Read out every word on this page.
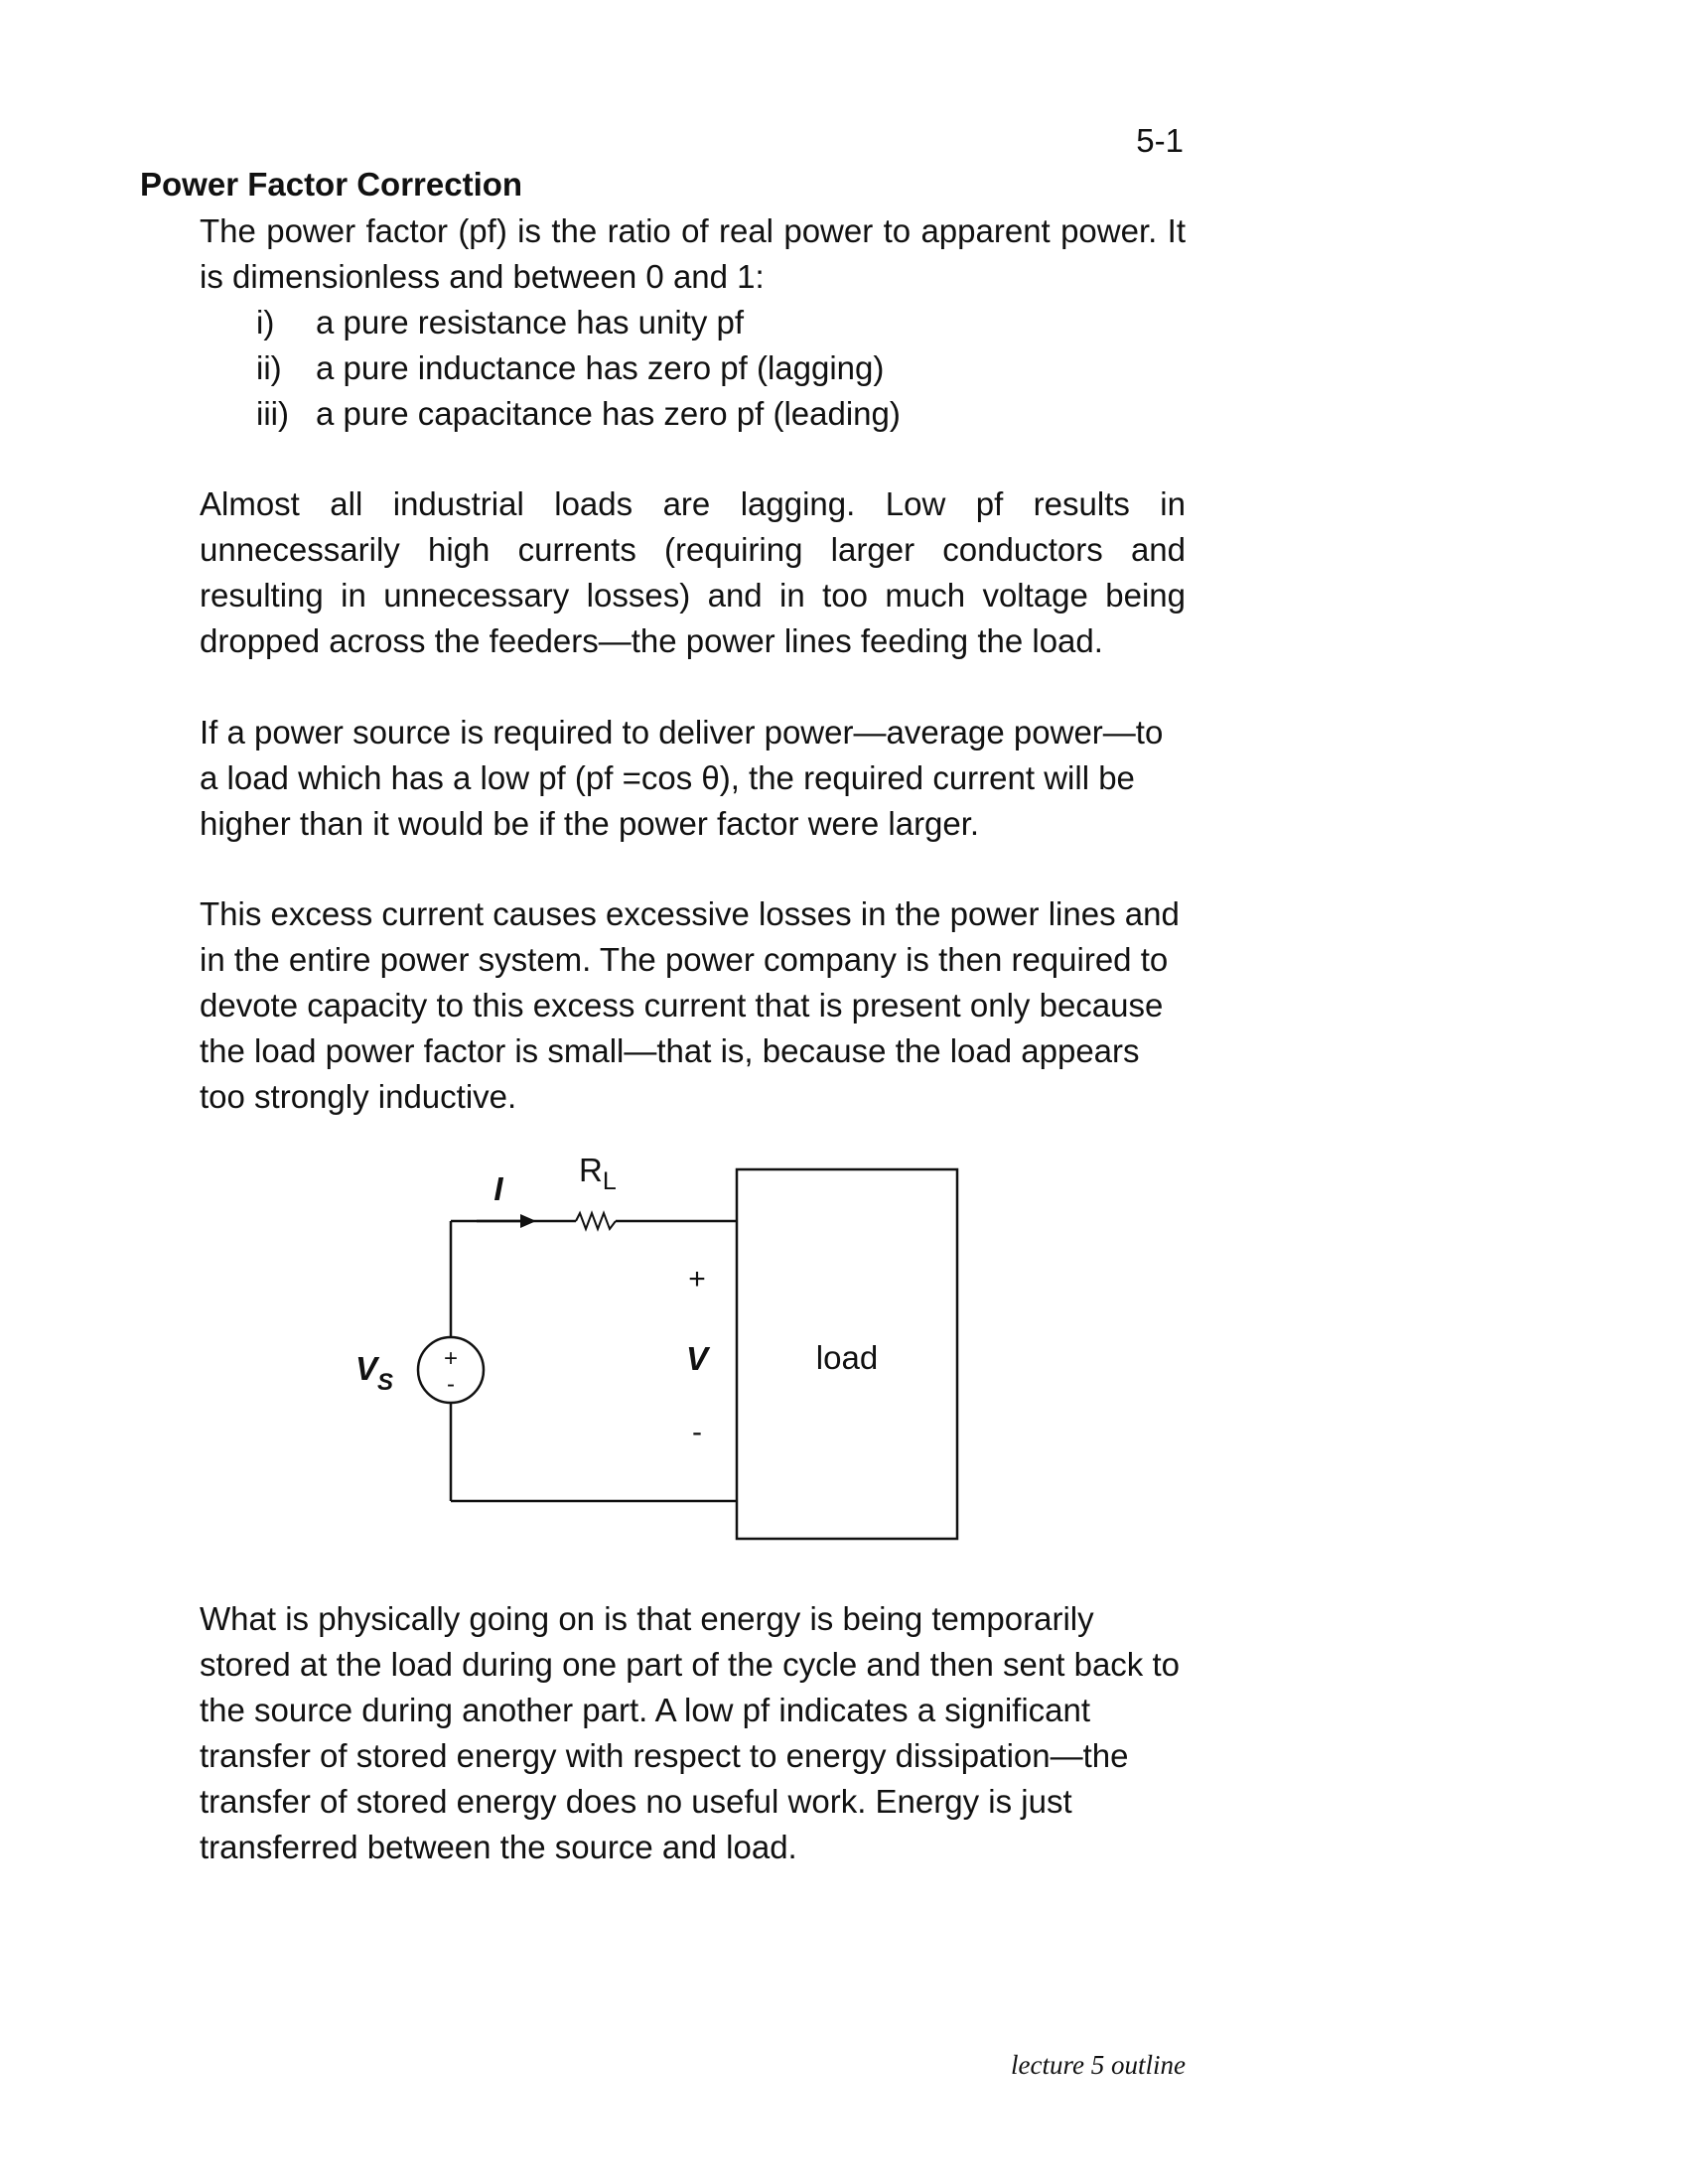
5-1
Power Factor Correction

The power factor (pf) is the ratio of real power to apparent power. It is dimensionless and between 0 and 1:

i) a pure resistance has unity pf
ii) a pure inductance has zero pf (lagging)
iii) a pure capacitance has zero pf (leading)

Almost all industrial loads are lagging. Low pf results in unnecessarily high currents (requiring larger conductors and resulting in unnecessary losses) and in too much voltage being dropped across the feeders—the power lines feeding the load.

If a power source is required to deliver power—average power—to
a load which has a low pf (pf =cos θ), the required current will be
higher than it would be if the power factor were larger.
This excess current causes excessive losses in the power lines and
in the entire power system. The power company is then required to
devote capacity to this excess current that is present only because
the load power factor is small—that is, because the load appears
too strongly inductive.
I
$R_L$
$V_S$
+
-
+
V
-
load
What is physically going on is that energy is being temporarily
stored at the load during one part of the cycle and then sent back to
the source during another part. A low pf indicates a significant
transfer of stored energy with respect to energy dissipation—the
transfer of stored energy does no useful work. Energy is just
transferred between the source and load.
lecture 5 outline
